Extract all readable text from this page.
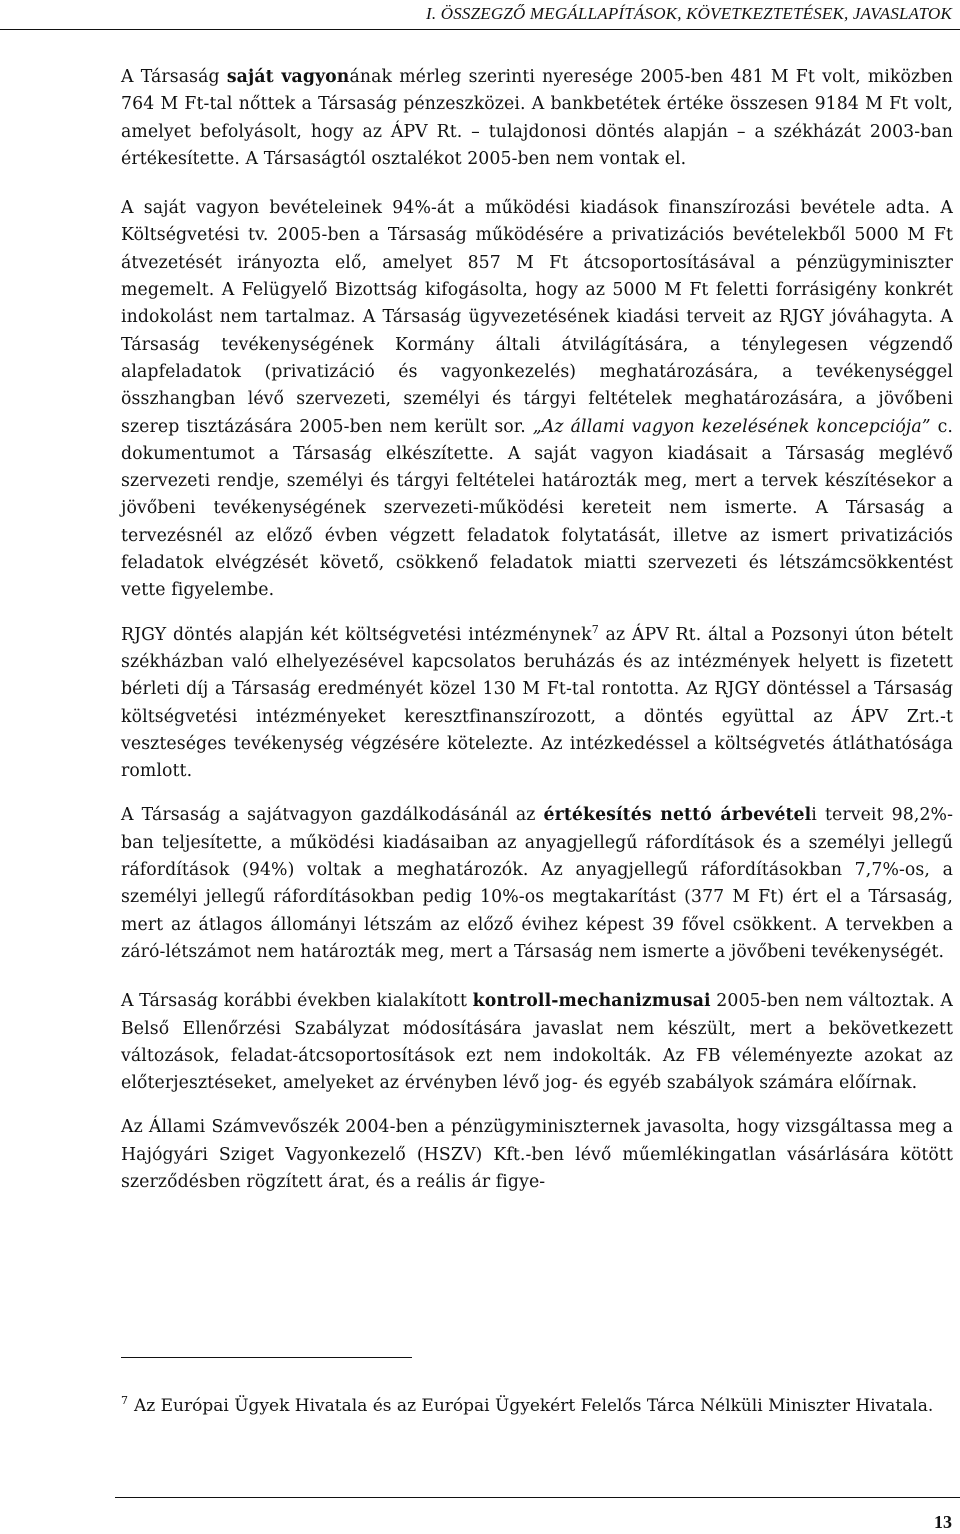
I. ÖSSZEGZŐ MEGÁLLAPÍTÁSOK, KÖVETKEZTETÉSEK, JAVASLATOK

A Társaság saját vagyonának mérleg szerinti nyeresége 2005-ben 481 M Ft volt, miközben 764 M Ft-tal nőttek a Társaság pénzeszközei. A bankbetétek értéke összesen 9184 M Ft volt, amelyet befolyásolt, hogy az ÁPV Rt. – tulajdonosi döntés alapján – a székházát 2003-ban értékesítette. A Társaságtól osztalékot 2005-ben nem vontak el.

A saját vagyon bevételeinek 94%-át a működési kiadások finanszírozási bevétele adta. A Költségvetési tv. 2005-ben a Társaság működésére a privatizációs bevételekből 5000 M Ft átvezetését irányozta elő, amelyet 857 M Ft átcsoportosításával a pénzügyminiszter megemelt. A Felügyelő Bizottság kifogásolta, hogy az 5000 M Ft feletti forrásigény konkrét indokolást nem tartalmaz. A Társaság ügyvezetésének kiadási terveit az RJGY jóváhagyta. A Társaság tevékenységének Kormány általi átvilágítására, a ténylegesen végzendő alapfeladatok (privatizáció és vagyonkezelés) meghatározására, a tevékenységgel összhangban lévő szervezeti, személyi és tárgyi feltételek meghatározására, a jövőbeni szerep tisztázására 2005-ben nem került sor. „Az állami vagyon kezelésének koncepciója” c. dokumentumot a Társaság elkészítette. A saját vagyon kiadásait a Társaság meglévő szervezeti rendje, személyi és tárgyi feltételei határozták meg, mert a tervek készítésekor a jövőbeni tevékenységének szervezeti-működési kereteit nem ismerte. A Társaság a tervezésnél az előző évben végzett feladatok folytatását, illetve az ismert privatizációs feladatok elvégzését követő, csökkenő feladatok miatti szervezeti és létszámcsökkentést vette figyelembe.

RJGY döntés alapján két költségvetési intézménynek$^7$ az ÁPV Rt. által a Pozsonyi úton bételt székházban való elhelyezésével kapcsolatos beruházás és az intézmények helyett is fizetett bérleti díj a Társaság eredményét közel 130 M Ft-tal rontotta. Az RJGY döntéssel a Társaság költségvetési intézményeket keresztfinanszírozott, a döntés együttal az ÁPV Zrt.-t veszteséges tevékenység végzésére kötelezte. Az intézkedéssel a költségvetés átláthatósága romlott.

A Társaság a sajátvagyon gazdálkodásánál az értékesítés nettó árbevételi terveit 98,2%-ban teljesítette, a működési kiadásaiban az anyagjellegű ráfordítások és a személyi jellegű ráfordítások (94%) voltak a meghatározók. Az anyagjellegű ráfordításokban 7,7%-os, a személyi jellegű ráfordításokban pedig 10%-os megtakarítást (377 M Ft) ért el a Társaság, mert az átlagos állományi létszám az előző évihez képest 39 fővel csökkent. A tervekben a záró-létszámot nem határozták meg, mert a Társaság nem ismerte a jövőbeni tevékenységét.

A Társaság korábbi években kialakított kontroll-mechanizmusai 2005-ben nem változtak. A Belső Ellenőrzési Szabályzat módosítására javaslat nem készült, mert a bekövetkezett változások, feladat-átcsoportosítások ezt nem indokolták. Az FB véleményezte azokat az előterjesztéseket, amelyeket az érvényben lévő jog- és egyéb szabályok számára előírnak.

Az Állami Számvevőszék 2004-ben a pénzügyminiszternek javasolta, hogy vizsgáltassa meg a Hajógyári Sziget Vagyonkezelő (HSZV) Kft.-ben lévő műemlékingatlan vásárlására kötött szerződésben rögzített árat, és a reális ár figye-

$^7$ Az Európai Ügyek Hivatala és az Európai Ügyekért Felelős Tárca Nélküli Miniszter Hivatala.
13
